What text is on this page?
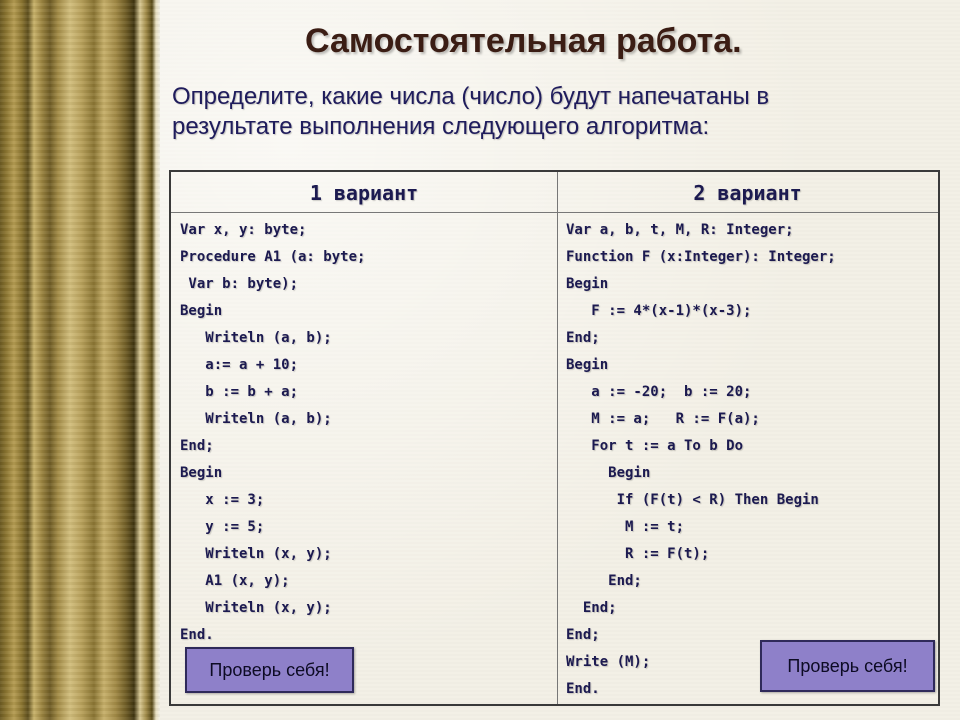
Самостоятельная работа.
Определите, какие числа (число) будут напечатаны в результате выполнения следующего алгоритма:
1 вариант
Var x, y: byte;
Procedure A1 (a: byte;
Var b: byte);
Begin
Writeln (a, b);
a:= a + 10;
b := b + a;
Writeln (a, b);
End;
Begin
x := 3;
y := 5;
Writeln (x, y);
A1 (x, y);
Writeln (x, y);
End.
2 вариант
Var a, b, t, M, R: Integer;
Function F (x:Integer): Integer;
Begin
F := 4*(x-1)*(x-3);
End;
Begin
a := -20;  b := 20;
M := a;   R := F(a);
For t := a To b Do
Begin
If (F(t) < R) Then Begin
M := t;
R := F(t);
End;
End;
End;
Write (M);
End.
Проверь себя!	Проверь себя!
